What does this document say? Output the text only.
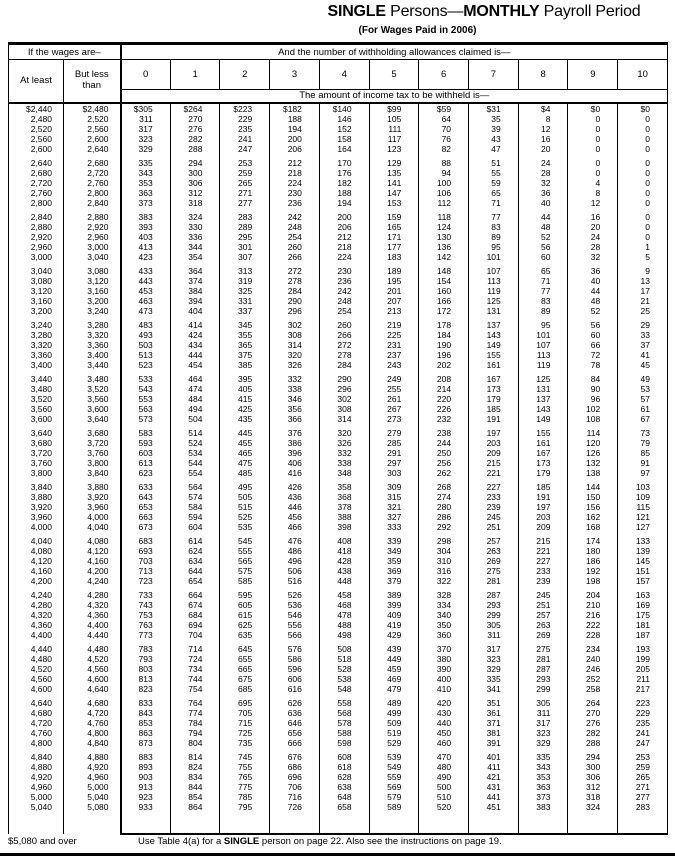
SINGLE Persons—MONTHLY Payroll Period
(For Wages Paid in 2006)
If the wages are–		And the number of withholding allowances claimed is—										
At least	But less
than	0	1	2	3	4	5	6	7	8	9	10
		The amount of income tax to be withheld is—										
$2,440	$2,480	$305	$264	$223	$182	$140	$99	$59	$31	$4	$0	$0
2,480	2,520	311	270	229	188	146	105	64	35	8	0	0
2,520	2,560	317	276	235	194	152	111	70	39	12	0	0
2,560	2,600	323	282	241	200	158	117	76	43	16	0	0
2,600	2,640	329	288	247	206	164	123	82	47	20	0	0

2,640	2,680	335	294	253	212	170	129	88	51	24	0	0
2,680	2,720	343	300	259	218	176	135	94	55	28	0	0
2,720	2,760	353	306	265	224	182	141	100	59	32	4	0
2,760	2,800	363	312	271	230	188	147	106	65	36	8	0
2,800	2,840	373	318	277	236	194	153	112	71	40	12	0

2,840	2,880	383	324	283	242	200	159	118	77	44	16	0
2,880	2,920	393	330	289	248	206	165	124	83	48	20	0
2,920	2,960	403	336	295	254	212	171	130	89	52	24	0
2,960	3,000	413	344	301	260	218	177	136	95	56	28	1
3,000	3,040	423	354	307	266	224	183	142	101	60	32	5

3,040	3,080	433	364	313	272	230	189	148	107	65	36	9
3,080	3,120	443	374	319	278	236	195	154	113	71	40	13
3,120	3,160	453	384	325	284	242	201	160	119	77	44	17
3,160	3,200	463	394	331	290	248	207	166	125	83	48	21
3,200	3,240	473	404	337	296	254	213	172	131	89	52	25

3,240	3,280	483	414	345	302	260	219	178	137	95	56	29
3,280	3,320	493	424	355	308	266	225	184	143	101	60	33
3,320	3,360	503	434	365	314	272	231	190	149	107	66	37
3,360	3,400	513	444	375	320	278	237	196	155	113	72	41
3,400	3,440	523	454	385	326	284	243	202	161	119	78	45

3,440	3,480	533	464	395	332	290	249	208	167	125	84	49
3,480	3,520	543	474	405	338	296	255	214	173	131	90	53
3,520	3,560	553	484	415	346	302	261	220	179	137	96	57
3,560	3,600	563	494	425	356	308	267	226	185	143	102	61
3,600	3,640	573	504	435	366	314	273	232	191	149	108	67

3,640	3,680	583	514	445	376	320	279	238	197	155	114	73
3,680	3,720	593	524	455	386	326	285	244	203	161	120	79
3,720	3,760	603	534	465	396	332	291	250	209	167	126	85
3,760	3,800	613	544	475	406	338	297	256	215	173	132	91
3,800	3,840	623	554	485	416	348	303	262	221	179	138	97

3,840	3,880	633	564	495	426	358	309	268	227	185	144	103
3,880	3,920	643	574	505	436	368	315	274	233	191	150	109
3,920	3,960	653	584	515	446	378	321	280	239	197	156	115
3,960	4,000	663	594	525	456	388	327	286	245	203	162	121
4,000	4,040	673	604	535	466	398	333	292	251	209	168	127

4,040	4,080	683	614	545	476	408	339	298	257	215	174	133
4,080	4,120	693	624	555	486	418	349	304	263	221	180	139
4,120	4,160	703	634	565	496	428	359	310	269	227	186	145
4,160	4,200	713	644	575	506	438	369	316	275	233	192	151
4,200	4,240	723	654	585	516	448	379	322	281	239	198	157

4,240	4,280	733	664	595	526	458	389	328	287	245	204	163
4,280	4,320	743	674	605	536	468	399	334	293	251	210	169
4,320	4,360	753	684	615	546	478	409	340	299	257	216	175
4,360	4,400	763	694	625	556	488	419	350	305	263	222	181
4,400	4,440	773	704	635	566	498	429	360	311	269	228	187

4,440	4,480	783	714	645	576	508	439	370	317	275	234	193
4,480	4,520	793	724	655	586	518	449	380	323	281	240	199
4,520	4,560	803	734	665	596	528	459	390	329	287	246	205
4,560	4,600	813	744	675	606	538	469	400	335	293	252	211
4,600	4,640	823	754	685	616	548	479	410	341	299	258	217

4,640	4,680	833	764	695	626	558	489	420	351	305	264	223
4,680	4,720	843	774	705	636	568	499	430	361	311	270	229
4,720	4,760	853	784	715	646	578	509	440	371	317	276	235
4,760	4,800	863	794	725	656	588	519	450	381	323	282	241
4,800	4,840	873	804	735	666	598	529	460	391	329	288	247

4,840	4,880	883	814	745	676	608	539	470	401	335	294	253
4,880	4,920	893	824	755	686	618	549	480	411	343	300	259
4,920	4,960	903	834	765	696	628	559	490	421	353	306	265
4,960	5,000	913	844	775	706	638	569	500	431	363	312	271
5,000	5,040	923	854	785	716	648	579	510	441	373	318	277
5,040	5,080	933	864	795	726	658	589	520	451	383	324	283

$5,080 and over	Use Table 4(a) for a SINGLE person on page 22. Also see the instructions on page 19.
